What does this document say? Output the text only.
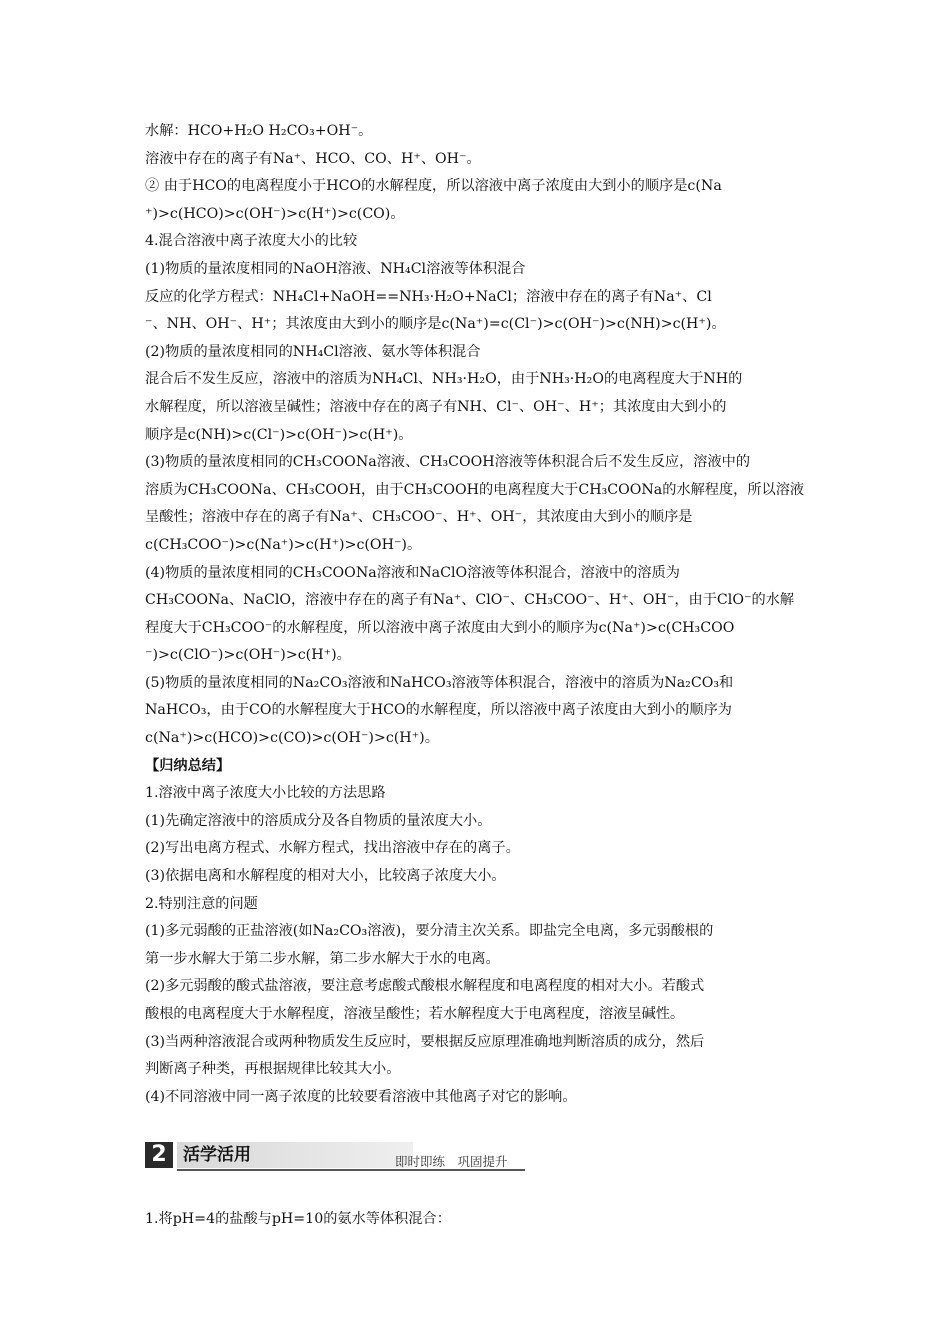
水解：HCO+H₂O H₂CO₃+OH⁻。

溶液中存在的离子有Na⁺、HCO、CO、H⁺、OH⁻。

② 由于HCO的电离程度小于HCO的水解程度，所以溶液中离子浓度由大到小的顺序是c(Na

⁺)>c(HCO)>c(OH⁻)>c(H⁺)>c(CO)。

4.混合溶液中离子浓度大小的比较

(1)物质的量浓度相同的NaOH溶液、NH₄Cl溶液等体积混合

反应的化学方程式：NH₄Cl+NaOH==NH₃·H₂O+NaCl；溶液中存在的离子有Na⁺、Cl

⁻、NH、OH⁻、H⁺；其浓度由大到小的顺序是c(Na⁺)=c(Cl⁻)>c(OH⁻)>c(NH)>c(H⁺)。

(2)物质的量浓度相同的NH₄Cl溶液、氨水等体积混合

混合后不发生反应，溶液中的溶质为NH₄Cl、NH₃·H₂O，由于NH₃·H₂O的电离程度大于NH的

水解程度，所以溶液呈碱性；溶液中存在的离子有NH、Cl⁻、OH⁻、H⁺；其浓度由大到小的

顺序是c(NH)>c(Cl⁻)>c(OH⁻)>c(H⁺)。

(3)物质的量浓度相同的CH₃COONa溶液、CH₃COOH溶液等体积混合后不发生反应，溶液中的

溶质为CH₃COONa、CH₃COOH，由于CH₃COOH的电离程度大于CH₃COONa的水解程度，所以溶液

呈酸性；溶液中存在的离子有Na⁺、CH₃COO⁻、H⁺、OH⁻，其浓度由大到小的顺序是

c(CH₃COO⁻)>c(Na⁺)>c(H⁺)>c(OH⁻)。

(4)物质的量浓度相同的CH₃COONa溶液和NaClO溶液等体积混合，溶液中的溶质为

CH₃COONa、NaClO，溶液中存在的离子有Na⁺、ClO⁻、CH₃COO⁻、H⁺、OH⁻，由于ClO⁻的水解

程度大于CH₃COO⁻的水解程度，所以溶液中离子浓度由大到小的顺序为c(Na⁺)>c(CH₃COO

⁻)>c(ClO⁻)>c(OH⁻)>c(H⁺)。

(5)物质的量浓度相同的Na₂CO₃溶液和NaHCO₃溶液等体积混合，溶液中的溶质为Na₂CO₃和

NaHCO₃，由于CO的水解程度大于HCO的水解程度，所以溶液中离子浓度由大到小的顺序为

c(Na⁺)>c(HCO)>c(CO)>c(OH⁻)>c(H⁺)。

【归纳总结】

1.溶液中离子浓度大小比较的方法思路

(1)先确定溶液中的溶质成分及各自物质的量浓度大小。

(2)写出电离方程式、水解方程式，找出溶液中存在的离子。

(3)依据电离和水解程度的相对大小，比较离子浓度大小。

2.特别注意的问题

(1)多元弱酸的正盐溶液(如Na₂CO₃溶液)，要分清主次关系。即盐完全电离，多元弱酸根的

第一步水解大于第二步水解，第二步水解大于水的电离。

(2)多元弱酸的酸式盐溶液，要注意考虑酸式酸根水解程度和电离程度的相对大小。若酸式

酸根的电离程度大于水解程度，溶液呈酸性；若水解程度大于电离程度，溶液呈碱性。

(3)当两种溶液混合或两种物质发生反应时，要根据反应原理准确地判断溶质的成分，然后

判断离子种类，再根据规律比较其大小。

(4)不同溶液中同一离子浓度的比较要看溶液中其他离子对它的影响。

2 活学活用	即时即练　巩固提升

1.将pH=4的盐酸与pH=10的氨水等体积混合：
